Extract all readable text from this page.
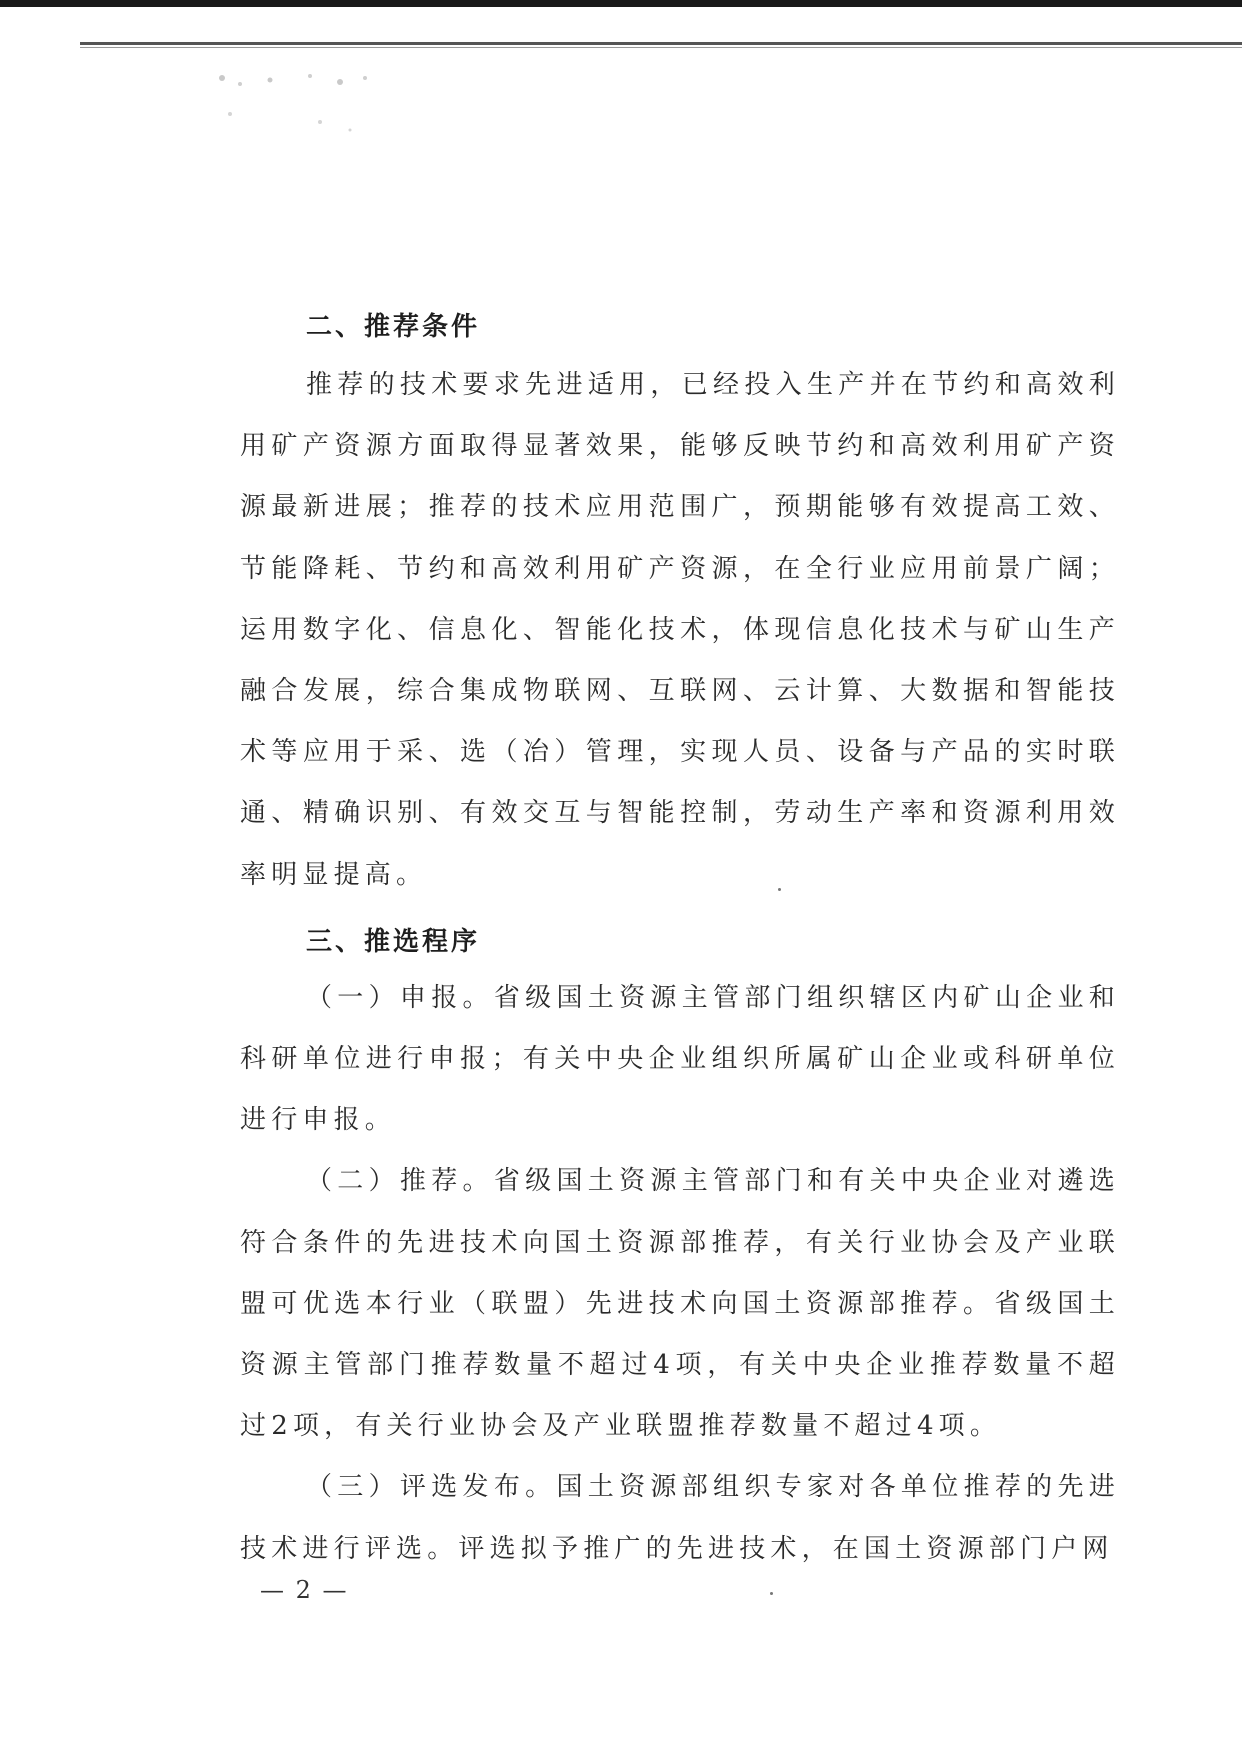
二、推荐条件

推荐的技术要求先进适用，已经投入生产并在节约和高效利用矿产资源方面取得显著效果，能够反映节约和高效利用矿产资源最新进展；推荐的技术应用范围广，预期能够有效提高工效、节能降耗、节约和高效利用矿产资源，在全行业应用前景广阔；运用数字化、信息化、智能化技术，体现信息化技术与矿山生产融合发展，综合集成物联网、互联网、云计算、大数据和智能技术等应用于采、选（冶）管理，实现人员、设备与产品的实时联通、精确识别、有效交互与智能控制，劳动生产率和资源利用效率明显提高。

三、推选程序

（一）申报。省级国土资源主管部门组织辖区内矿山企业和科研单位进行申报；有关中央企业组织所属矿山企业或科研单位进行申报。

（二）推荐。省级国土资源主管部门和有关中央企业对遴选符合条件的先进技术向国土资源部推荐，有关行业协会及产业联盟可优选本行业（联盟）先进技术向国土资源部推荐。省级国土资源主管部门推荐数量不超过4项，有关中央企业推荐数量不超过2项，有关行业协会及产业联盟推荐数量不超过4项。

（三）评选发布。国土资源部组织专家对各单位推荐的先进技术进行评选。评选拟予推广的先进技术，在国土资源部门户网

— 2 —
